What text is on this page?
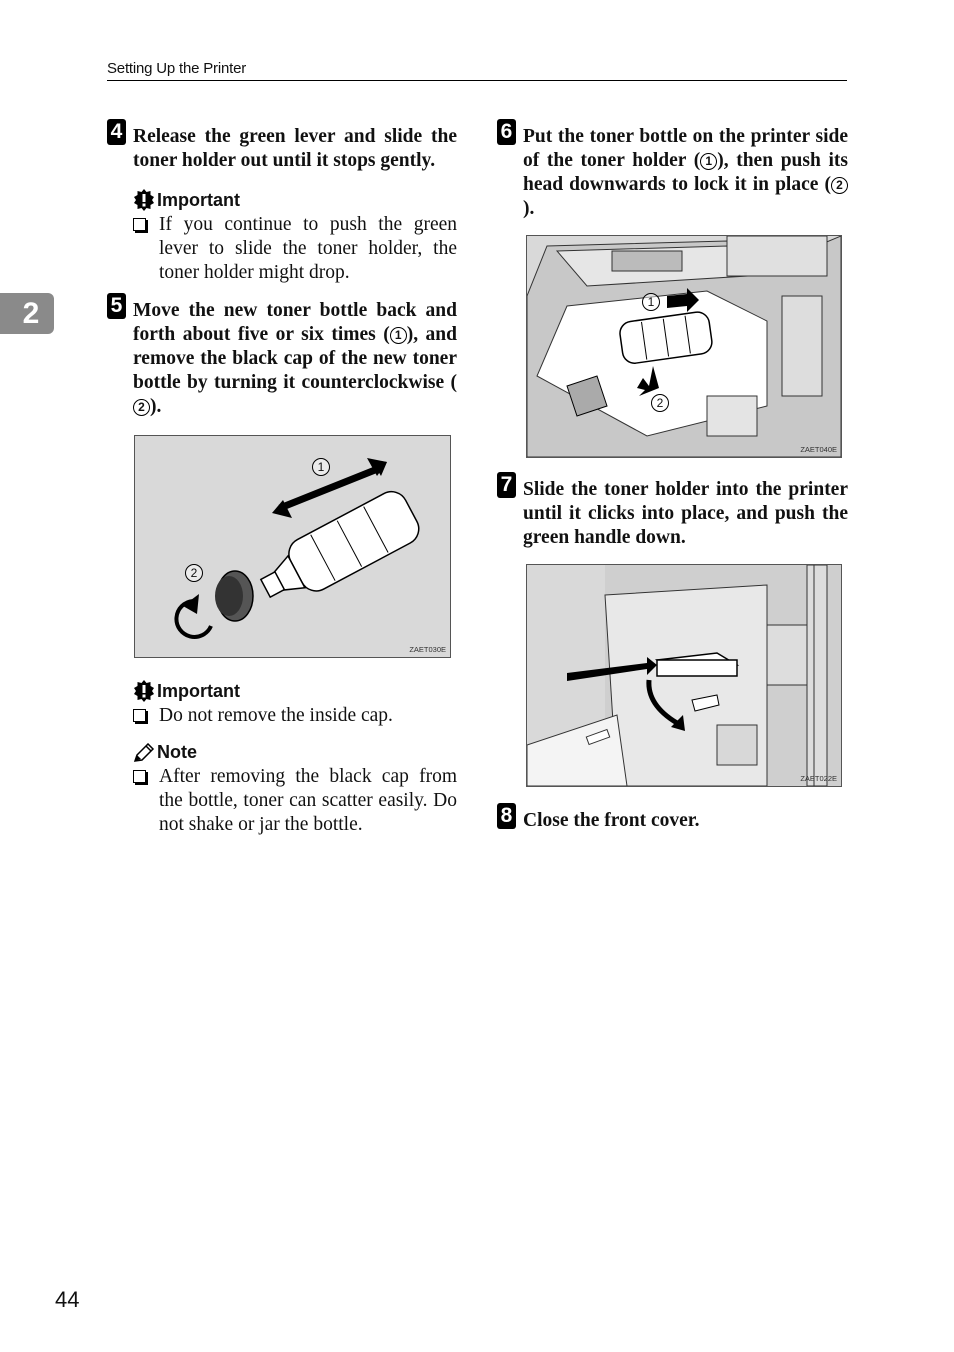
Setting Up the Printer
2
4 Release the green lever and slide the toner holder out until it stops gently.
Important
If you continue to push the green lever to slide the toner holder, the toner holder might drop.
5 Move the new toner bottle back and forth about five or six times ( 1 ), and remove the black cap of the new toner bottle by turning it counterclockwise (2 ).
1
2
ZAET030E
Important
Do not remove the inside cap.
Note
After removing the black cap from the bottle, toner can scatter easily. Do not shake or jar the bottle.
6 Put the toner bottle on the printer side of the toner holder ( 1 ), then push its head downwards to lock it in place ( 2).
1
2
ZAET040E
7 Slide the toner holder into the printer until it clicks into place, and push the green handle down.
ZAET022E
8 Close the front cover.
44
